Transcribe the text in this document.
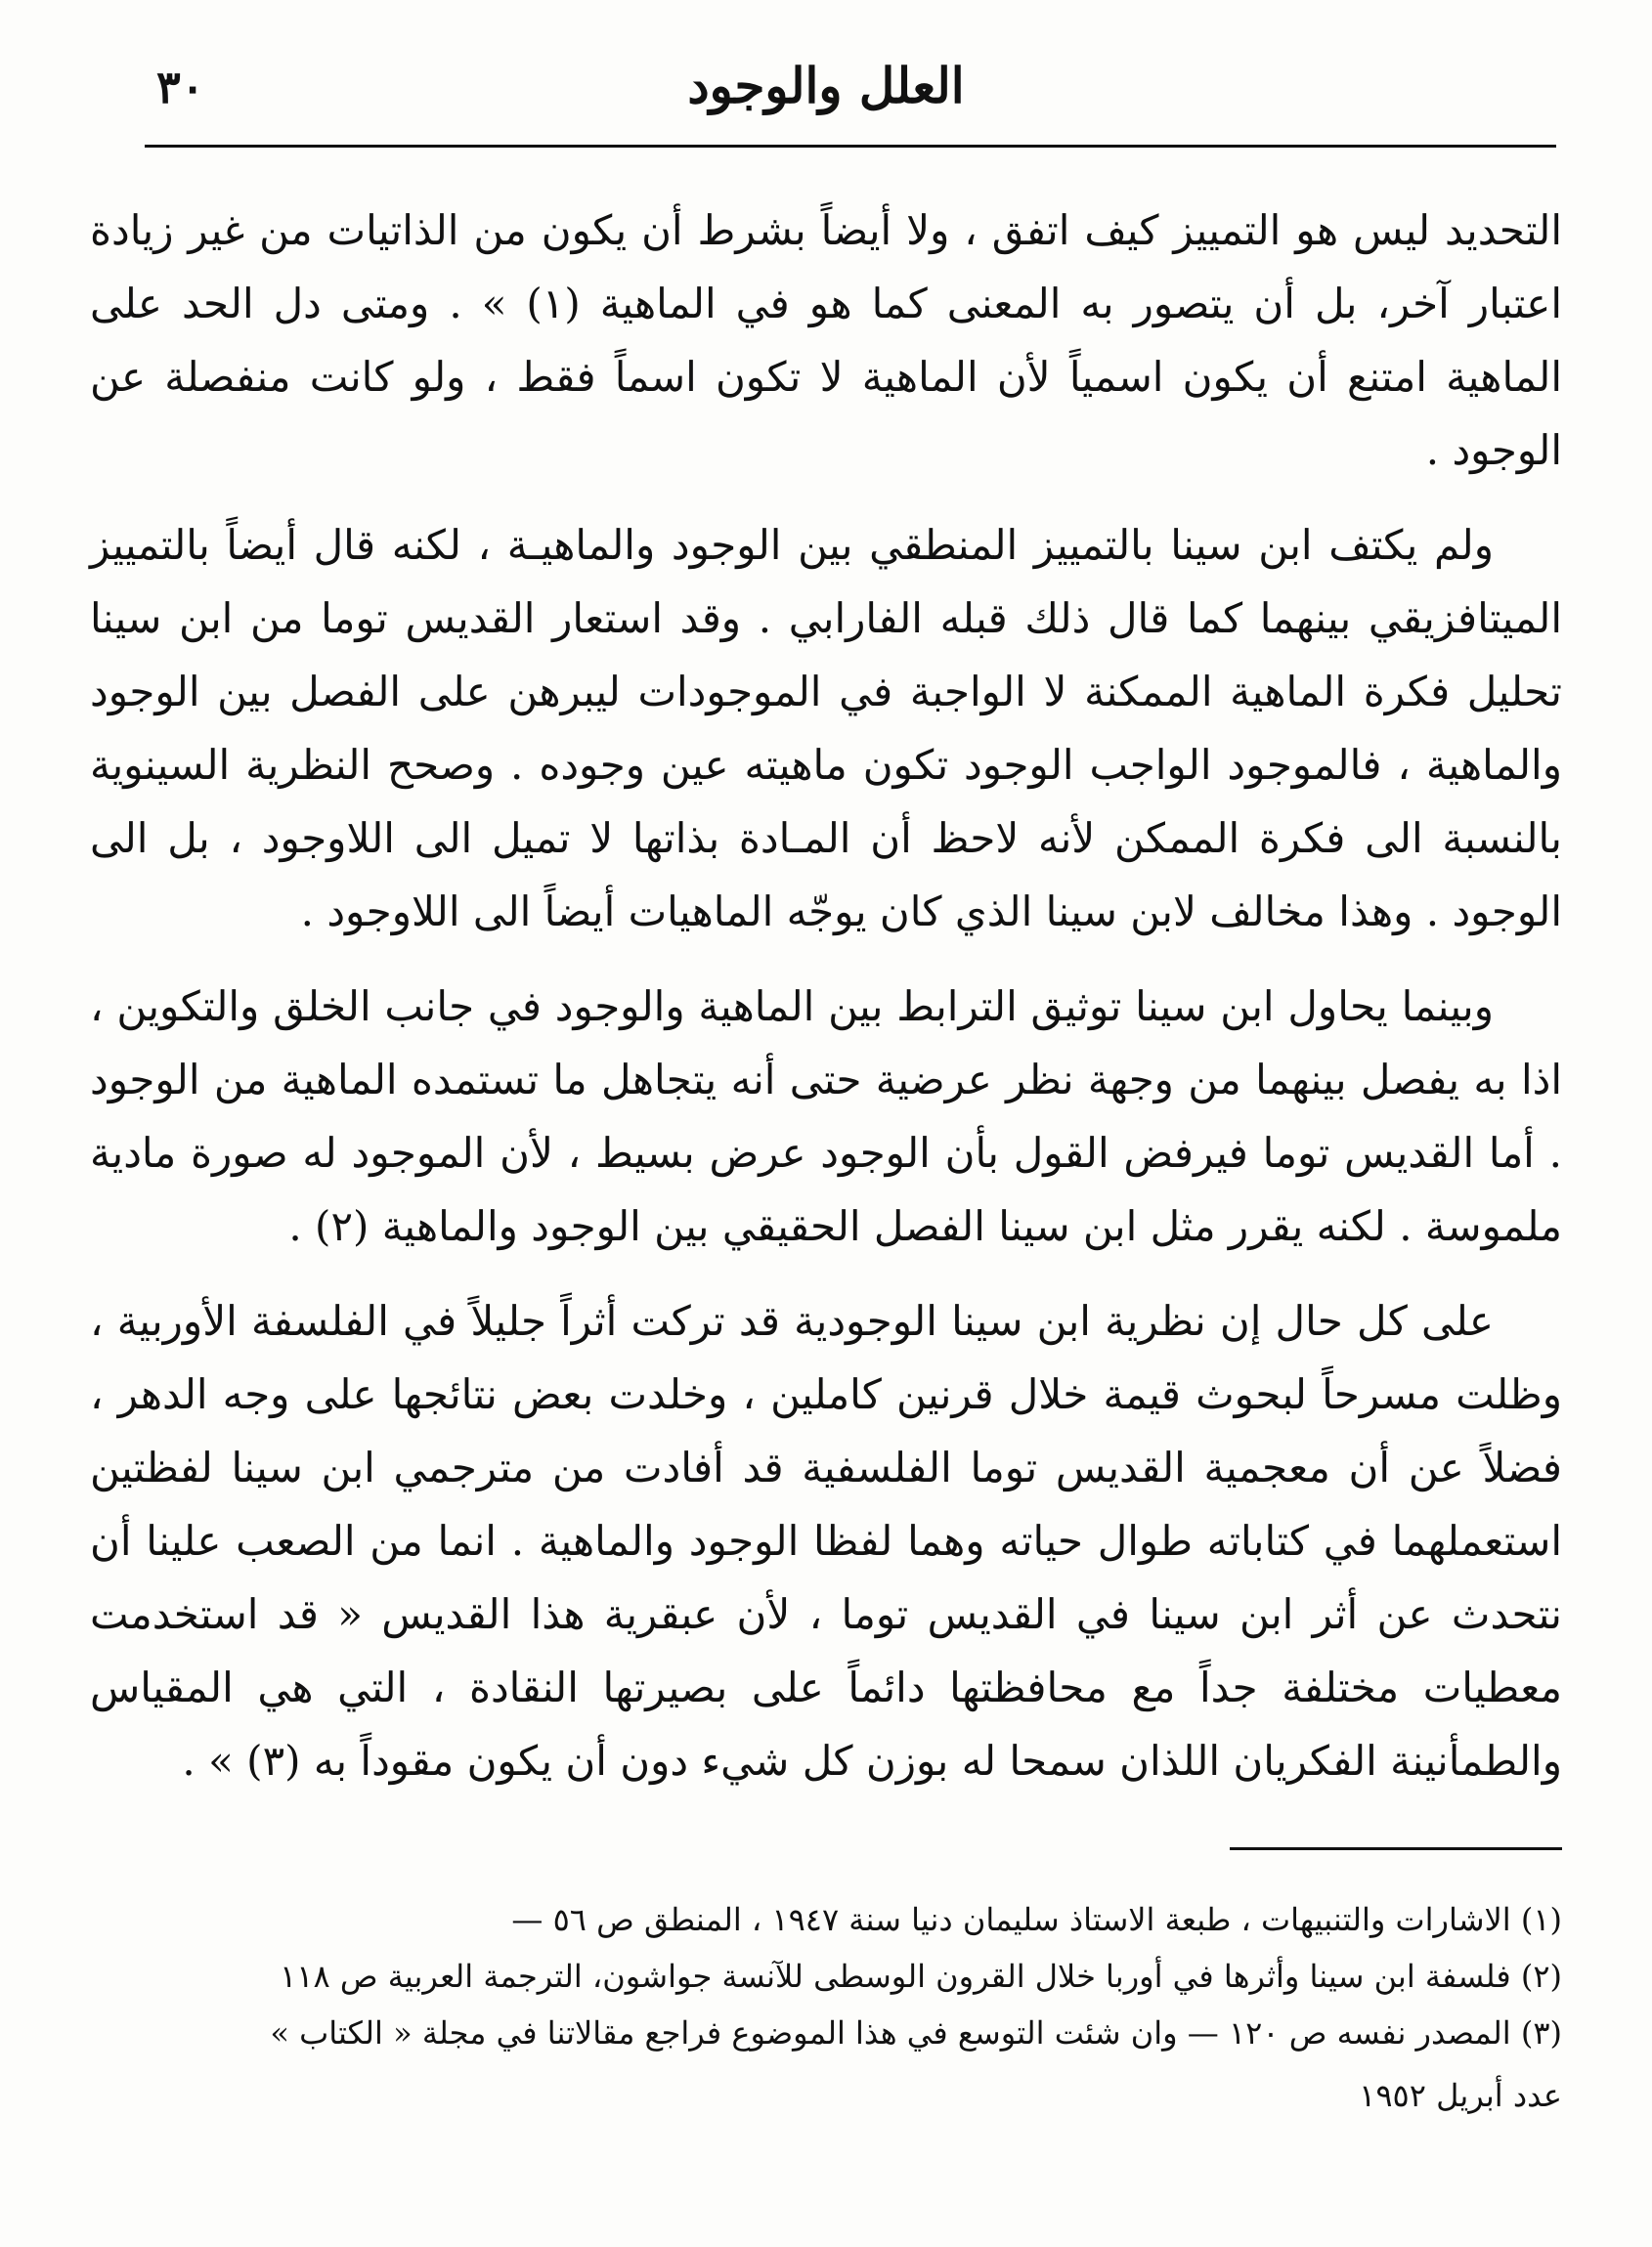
٣٠	العلل والوجود

التحديد ليس هو التمييز كيف اتفق ، ولا أيضاً بشرط أن يكون من الذاتيات من غير زيادة اعتبار آخر، بل أن يتصور به المعنى كما هو في الماهية (١) » . ومتى دل الحد على الماهية امتنع أن يكون اسمياً لأن الماهية لا تكون اسماً فقط ، ولو كانت منفصلة عن الوجود .

ولم يكتف ابن سينا بالتمييز المنطقي بين الوجود والماهيـة ، لكنه قال أيضاً بالتمييز الميتافزيقي بينهما كما قال ذلك قبله الفارابي . وقد استعار القديس توما من ابن سينا تحليل فكرة الماهية الممكنة لا الواجبة في الموجودات ليبرهن على الفصل بين الوجود والماهية ، فالموجود الواجب الوجود تكون ماهيته عين وجوده . وصحح النظرية السينوية بالنسبة الى فكرة الممكن لأنه لاحظ أن المـادة بذاتها لا تميل الى اللاوجود ، بل الى الوجود . وهذا مخالف لابن سينا الذي كان يوجّه الماهيات أيضاً الى اللاوجود .

وبينما يحاول ابن سينا توثيق الترابط بين الماهية والوجود في جانب الخلق والتكوين ، اذا به يفصل بينهما من وجهة نظر عرضية حتى أنه يتجاهل ما تستمده الماهية من الوجود . أما القديس توما فيرفض القول بأن الوجود عرض بسيط ، لأن الموجود له صورة مادية ملموسة . لكنه يقرر مثل ابن سينا الفصل الحقيقي بين الوجود والماهية (٢) .

على كل حال إن نظرية ابن سينا الوجودية قد تركت أثراً جليلاً في الفلسفة الأوربية ، وظلت مسرحاً لبحوث قيمة خلال قرنين كاملين ، وخلدت بعض نتائجها على وجه الدهر ، فضلاً عن أن معجمية القديس توما الفلسفية قد أفادت من مترجمي ابن سينا لفظتين استعملهما في كتاباته طوال حياته وهما لفظا الوجود والماهية . انما من الصعب علينا أن نتحدث عن أثر ابن سينا في القديس توما ، لأن عبقرية هذا القديس « قد استخدمت معطيات مختلفة جداً مع محافظتها دائماً على بصيرتها النقادة ، التي هي المقياس والطمأنينة الفكريان اللذان سمحا له بوزن كل شيء دون أن يكون مقوداً به (٣) » .

(١) الاشارات والتنبيهات ، طبعة الاستاذ سليمان دنيا سنة ١٩٤٧ ، المنطق ص ٥٦ —

(٢) فلسفة ابن سينا وأثرها في أوربا خلال القرون الوسطى للآنسة جواشون، الترجمة العربية ص ١١٨

(٣) المصدر نفسه ص ١٢٠ — وان شئت التوسع في هذا الموضوع فراجع مقالاتنا في مجلة « الكتاب »

عدد أبريل ١٩٥٢
